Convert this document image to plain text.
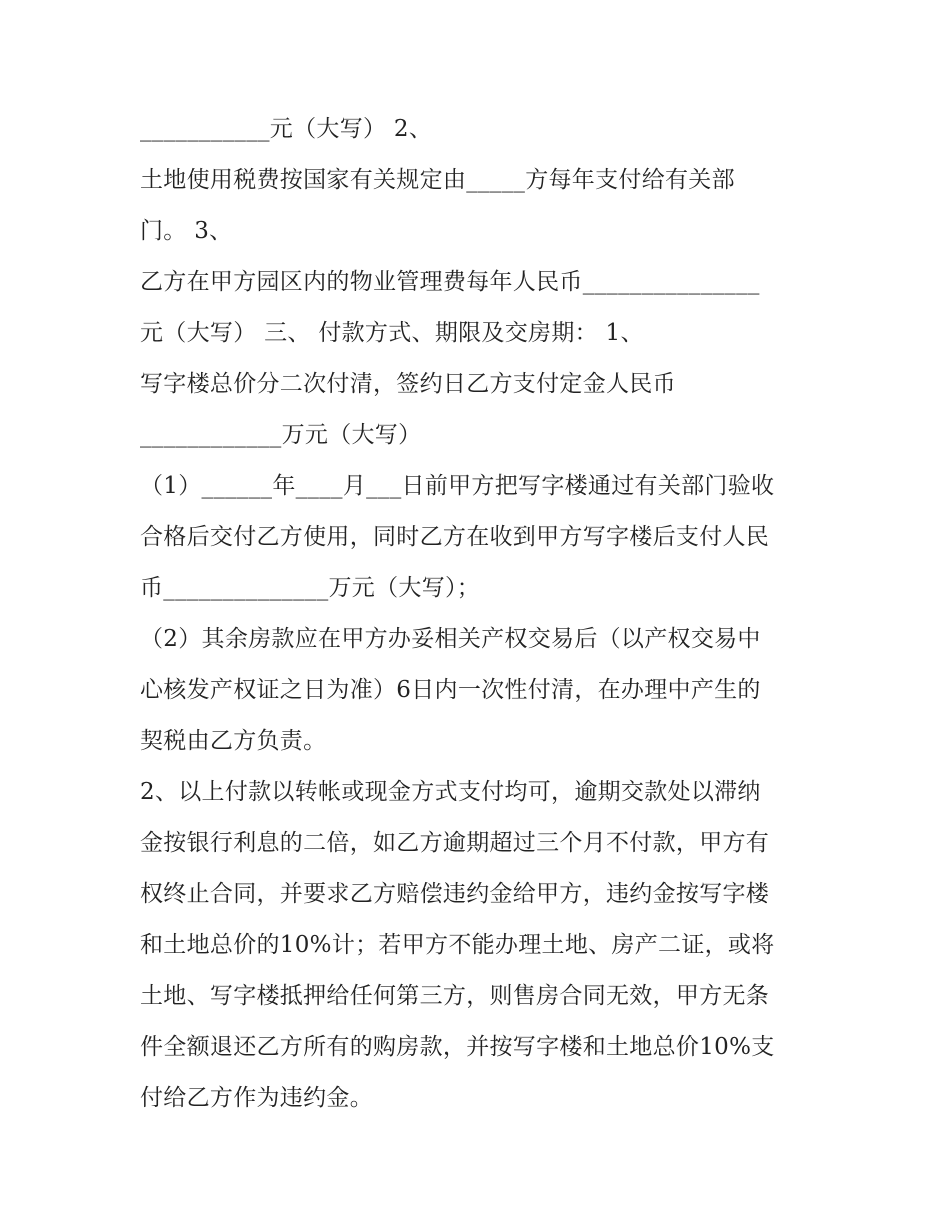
___________元（大写） 2、
土地使用税费按国家有关规定由_____方每年支付给有关部
门。 3、
乙方在甲方园区内的物业管理费每年人民币_______________
元（大写） 三、 付款方式、期限及交房期： 1、
写字楼总价分二次付清，签约日乙方支付定金人民币
____________万元（大写）
（1）______年____月___日前甲方把写字楼通过有关部门验收
合格后交付乙方使用，同时乙方在收到甲方写字楼后支付人民
币______________万元（大写）；
（2）其余房款应在甲方办妥相关产权交易后（以产权交易中
心核发产权证之日为准）6日内一次性付清，在办理中产生的
契税由乙方负责。
2、以上付款以转帐或现金方式支付均可，逾期交款处以滞纳
金按银行利息的二倍，如乙方逾期超过三个月不付款，甲方有
权终止合同，并要求乙方赔偿违约金给甲方，违约金按写字楼
和土地总价的10%计；若甲方不能办理土地、房产二证，或将
土地、写字楼抵押给任何第三方，则售房合同无效，甲方无条
件全额退还乙方所有的购房款，并按写字楼和土地总价10%支
付给乙方作为违约金。
